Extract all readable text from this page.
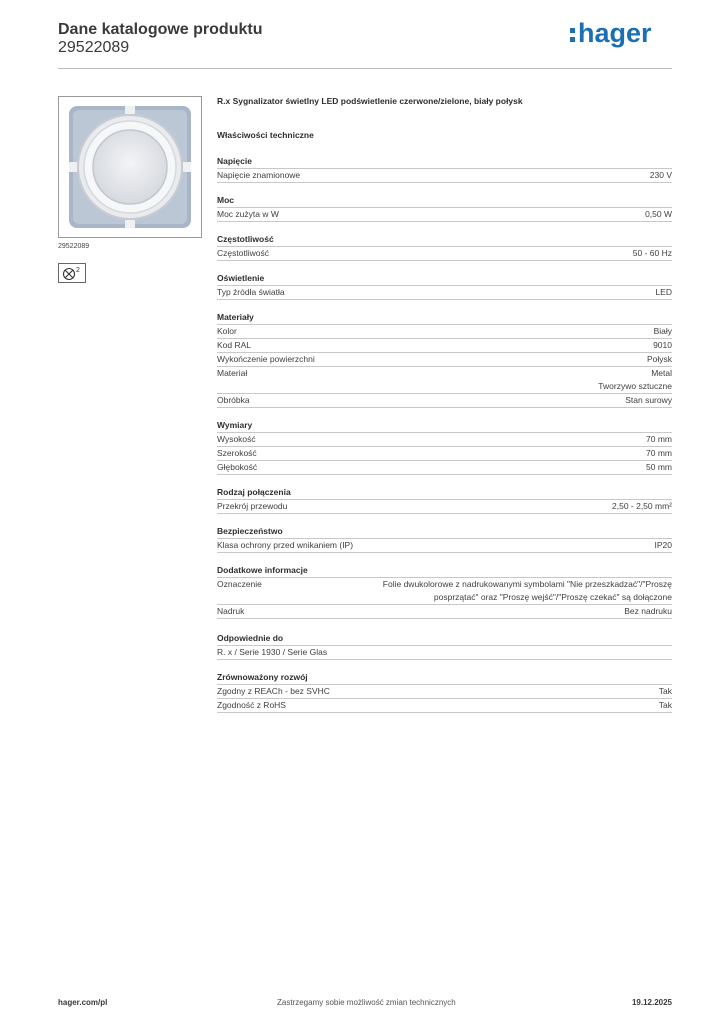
Dane katalogowe produktu
29522089	hager
29522089
2
R.x Sygnalizator świetlny LED podświetlenie czerwone/zielone, biały połysk
Właściwości techniczne
Napięcie
Napięcie znamionowe	230 V
Moc
Moc zużyta w W	0,50 W
Częstotliwość
Częstotliwość	50 - 60 Hz
Oświetlenie
Typ źródła światła	LED
Materiały
Kolor	Biały
Kod RAL	9010
Wykończenie powierzchni	Połysk
Materiał	Metal
Tworzywo sztuczne
Obróbka	Stan surowy
Wymiary
Wysokość	70 mm
Szerokość	70 mm
Głębokość	50 mm
Rodzaj połączenia
Przekrój przewodu	2,50 - 2,50 mm²
Bezpieczeństwo
Klasa ochrony przed wnikaniem (IP)	IP20
Dodatkowe informacje
Oznaczenie	Folie dwukolorowe z nadrukowanymi symbolami "Nie przeszkadzać"/"Proszę posprzątać" oraz "Proszę wejść"/"Proszę czekać" są dołączone
Nadruk	Bez nadruku
Odpowiednie do
R. x / Serie 1930 / Serie Glas
Zrównoważony rozwój
Zgodny z REACh - bez SVHC	Tak
Zgodność z RoHS	Tak
hager.com/pl	Zastrzegamy sobie możliwość zmian technicznych	19.12.2025
